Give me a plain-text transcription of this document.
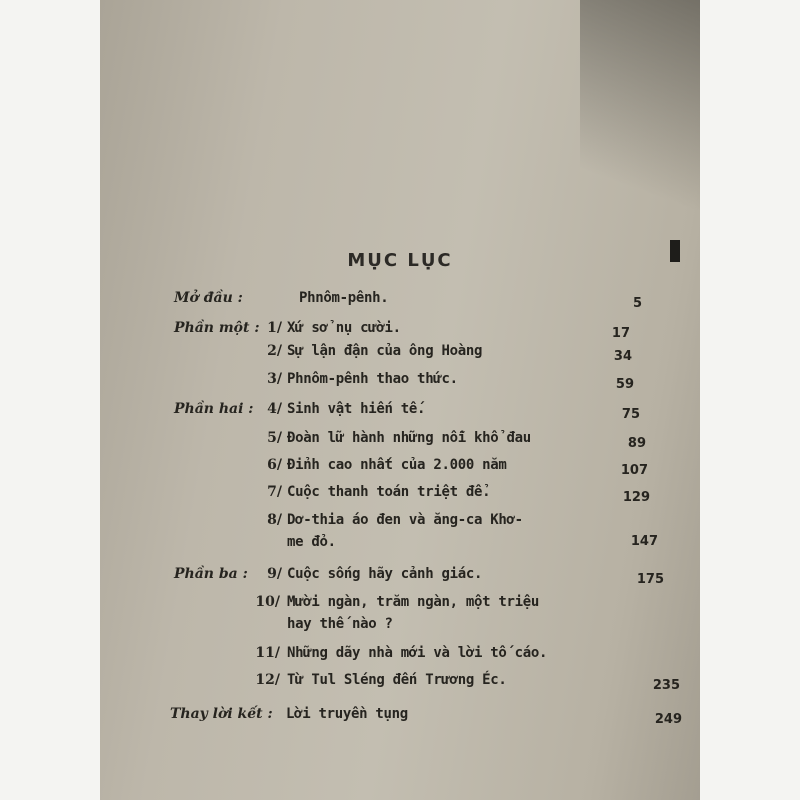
MỤC LỤC
Mở đầu :	Phnôm-pênh.	5
Phần một : 1/ Xứ sở nụ cười.	17
2/ Sự lận đận của ông Hoàng	34
3/ Phnôm-pênh thao thức.	59
Phần hai : 4/ Sinh vật hiến tế.	75
5/ Đoàn lữ hành những nỗi khổ đau	89
6/ Đỉnh cao nhất của 2.000 năm	107
7/ Cuộc thanh toán triệt để.	129
8/ Dơ-thia áo đen và ăng-ca Khơ-
me đỏ.	147
Phần ba :	9/ Cuộc sống hãy cảnh giác.	175
10/ Mười ngàn, trăm ngàn, một triệu
hay thế nào ?
11/ Những dãy nhà mới và lời tố cáo.
12/ Từ Tul Sléng đến Trương Éc.	235
Thay lời kết : Lời truyền tụng	249
